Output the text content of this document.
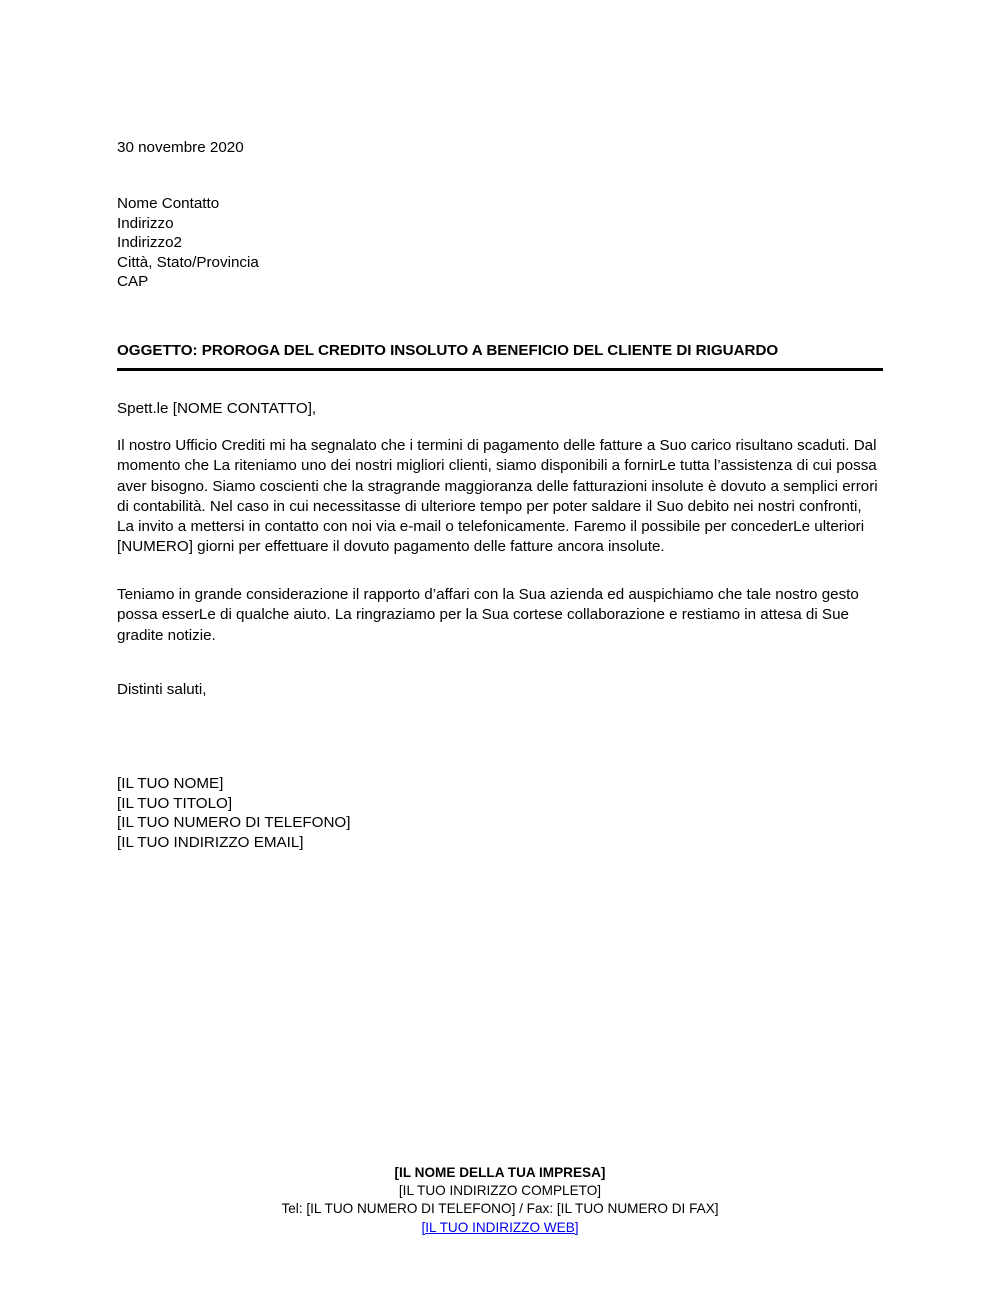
30 novembre 2020
Nome Contatto
Indirizzo
Indirizzo2
Città, Stato/Provincia
CAP
OGGETTO: PROROGA DEL CREDITO INSOLUTO A BENEFICIO DEL CLIENTE DI RIGUARDO
Spett.le [NOME CONTATTO],
Il nostro Ufficio Crediti mi ha segnalato che i termini di pagamento delle fatture a Suo carico risultano scaduti. Dal momento che La riteniamo uno dei nostri migliori clienti, siamo disponibili a fornirLe tutta l’assistenza di cui possa aver bisogno. Siamo coscienti che la stragrande maggioranza delle fatturazioni insolute è dovuto a semplici errori di contabilità. Nel caso in cui necessitasse di ulteriore tempo per poter saldare il Suo debito nei nostri confronti, La invito a mettersi in contatto con noi via e-mail o telefonicamente. Faremo il possibile per concederLe ulteriori [NUMERO] giorni per effettuare il dovuto pagamento delle fatture ancora insolute.
Teniamo in grande considerazione il rapporto d’affari con la Sua azienda ed auspichiamo che tale nostro gesto possa esserLe di qualche aiuto. La ringraziamo per la Sua cortese collaborazione e restiamo in attesa di Sue gradite notizie.
Distinti saluti,
[IL TUO NOME]
[IL TUO TITOLO]
[IL TUO NUMERO DI TELEFONO]
[IL TUO INDIRIZZO EMAIL]
[IL NOME DELLA TUA IMPRESA]
[IL TUO INDIRIZZO COMPLETO]
Tel: [IL TUO NUMERO DI TELEFONO] / Fax: [IL TUO NUMERO DI FAX]
[IL TUO INDIRIZZO WEB]
